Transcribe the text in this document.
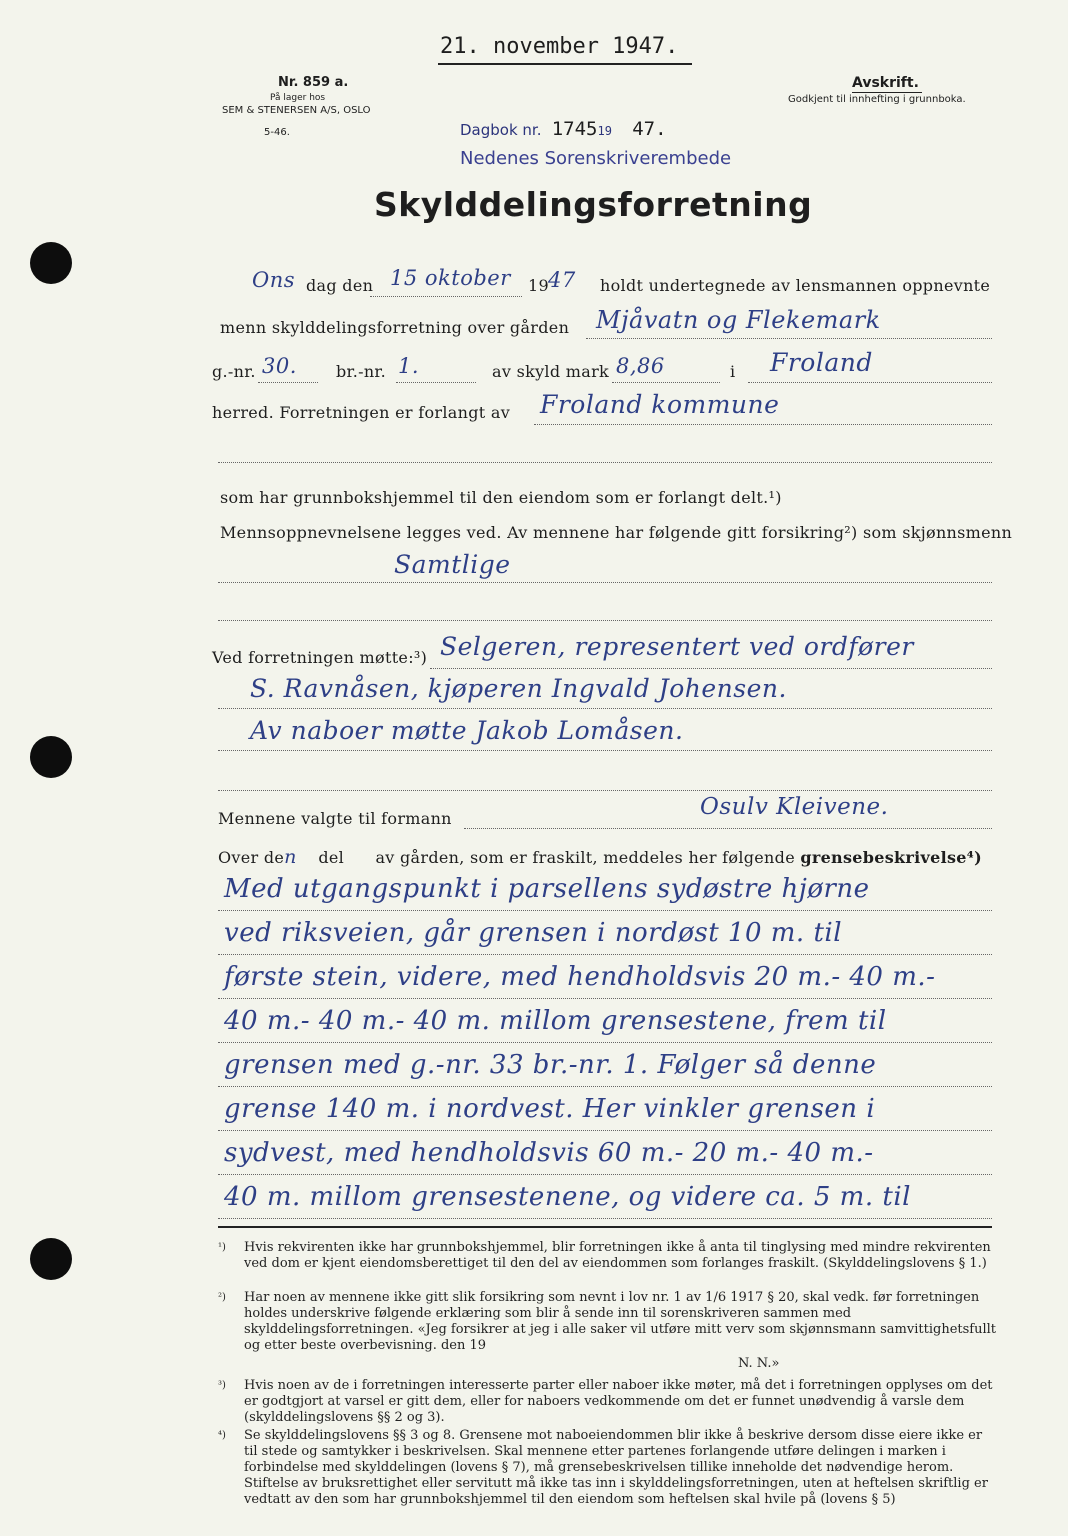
21. november 1947.
Nr. 859 a.
På lager hos
SEM & STENERSEN A/S, OSLO
5-46.
Avskrift.
Godkjent til innhefting i grunnboka.
Dagbok nr. 174519 47.
Nedenes Sorenskriverembede
Skylddelingsforretning
Ons dag den 15 oktober 19 47 holdt undertegnede av lensmannen oppnevnte
menn skylddelingsforretning over gården Mjåvatn og Flekemark
g.-nr. 30. br.-nr. 1.	av skyld mark 8,86	i Froland
herred. Forretningen er forlangt av Froland kommune
som har grunnbokshjemmel til den eiendom som er forlangt delt.¹)
Mennsoppnevnelsene legges ved. Av mennene har følgende gitt forsikring²) som skjønnsmenn
Samtlige
Ved forretningen møtte:³) Selgeren, representert ved ordfører
S. Ravnåsen, kjøperen Ingvald Johensen.
Av naboer møtte Jakob Lomåsen.
Mennene valgte til formann	Osulv Kleivene.
Over den del av gården, som er fraskilt, meddeles her følgende grensebeskrivelse⁴)
Med utgangspunkt i parsellens sydøstre hjørne
ved riksveien, går grensen i nordøst 10 m. til
første stein, videre, med hendholdsvis 20 m.- 40 m.-
40 m.- 40 m.- 40 m. millom grensestene, frem til
grensen med g.-nr. 33 br.-nr. 1. Følger så denne
grense 140 m. i nordvest. Her vinkler grensen i
sydvest, med hendholdsvis 60 m.- 20 m.- 40 m.-
40 m. millom grensestenene, og videre ca. 5 m. til
¹)	Hvis rekvirenten ikke har grunnbokshjemmel, blir forretningen ikke å anta til tinglysing med mindre rekvirenten ved dom er kjent eiendomsberettiget til den del av eiendommen som forlanges fraskilt. (Skylddelingslovens § 1.)
²)	Har noen av mennene ikke gitt slik forsikring som nevnt i lov nr. 1 av 1/6 1917 § 20, skal vedk. før forretningen holdes underskrive følgende erklæring som blir å sende inn til sorenskriveren sammen med skylddelingsforretningen. «Jeg forsikrer at jeg i alle saker vil utføre mitt verv som skjønnsmann samvittighetsfullt og etter beste overbevisning. den 19
N. N.»
³)	Hvis noen av de i forretningen interesserte parter eller naboer ikke møter, må det i forretningen opplyses om det er godtgjort at varsel er gitt dem, eller for naboers vedkommende om det er funnet unødvendig å varsle dem (skylddelingslovens §§ 2 og 3).
⁴)	Se skylddelingslovens §§ 3 og 8. Grensene mot naboeiendommen blir ikke å beskrive dersom disse eiere ikke er til stede og samtykker i beskrivelsen. Skal mennene etter partenes forlangende utføre delingen i marken i forbindelse med skylddelingen (lovens § 7), må grensebeskrivelsen tillike inneholde det nødvendige herom. Stiftelse av bruksrettighet eller servitutt må ikke tas inn i skylddelingsforretningen, uten at heftelsen skriftlig er vedtatt av den som har grunnbokshjemmel til den eiendom som heftelsen skal hvile på (lovens § 5)
